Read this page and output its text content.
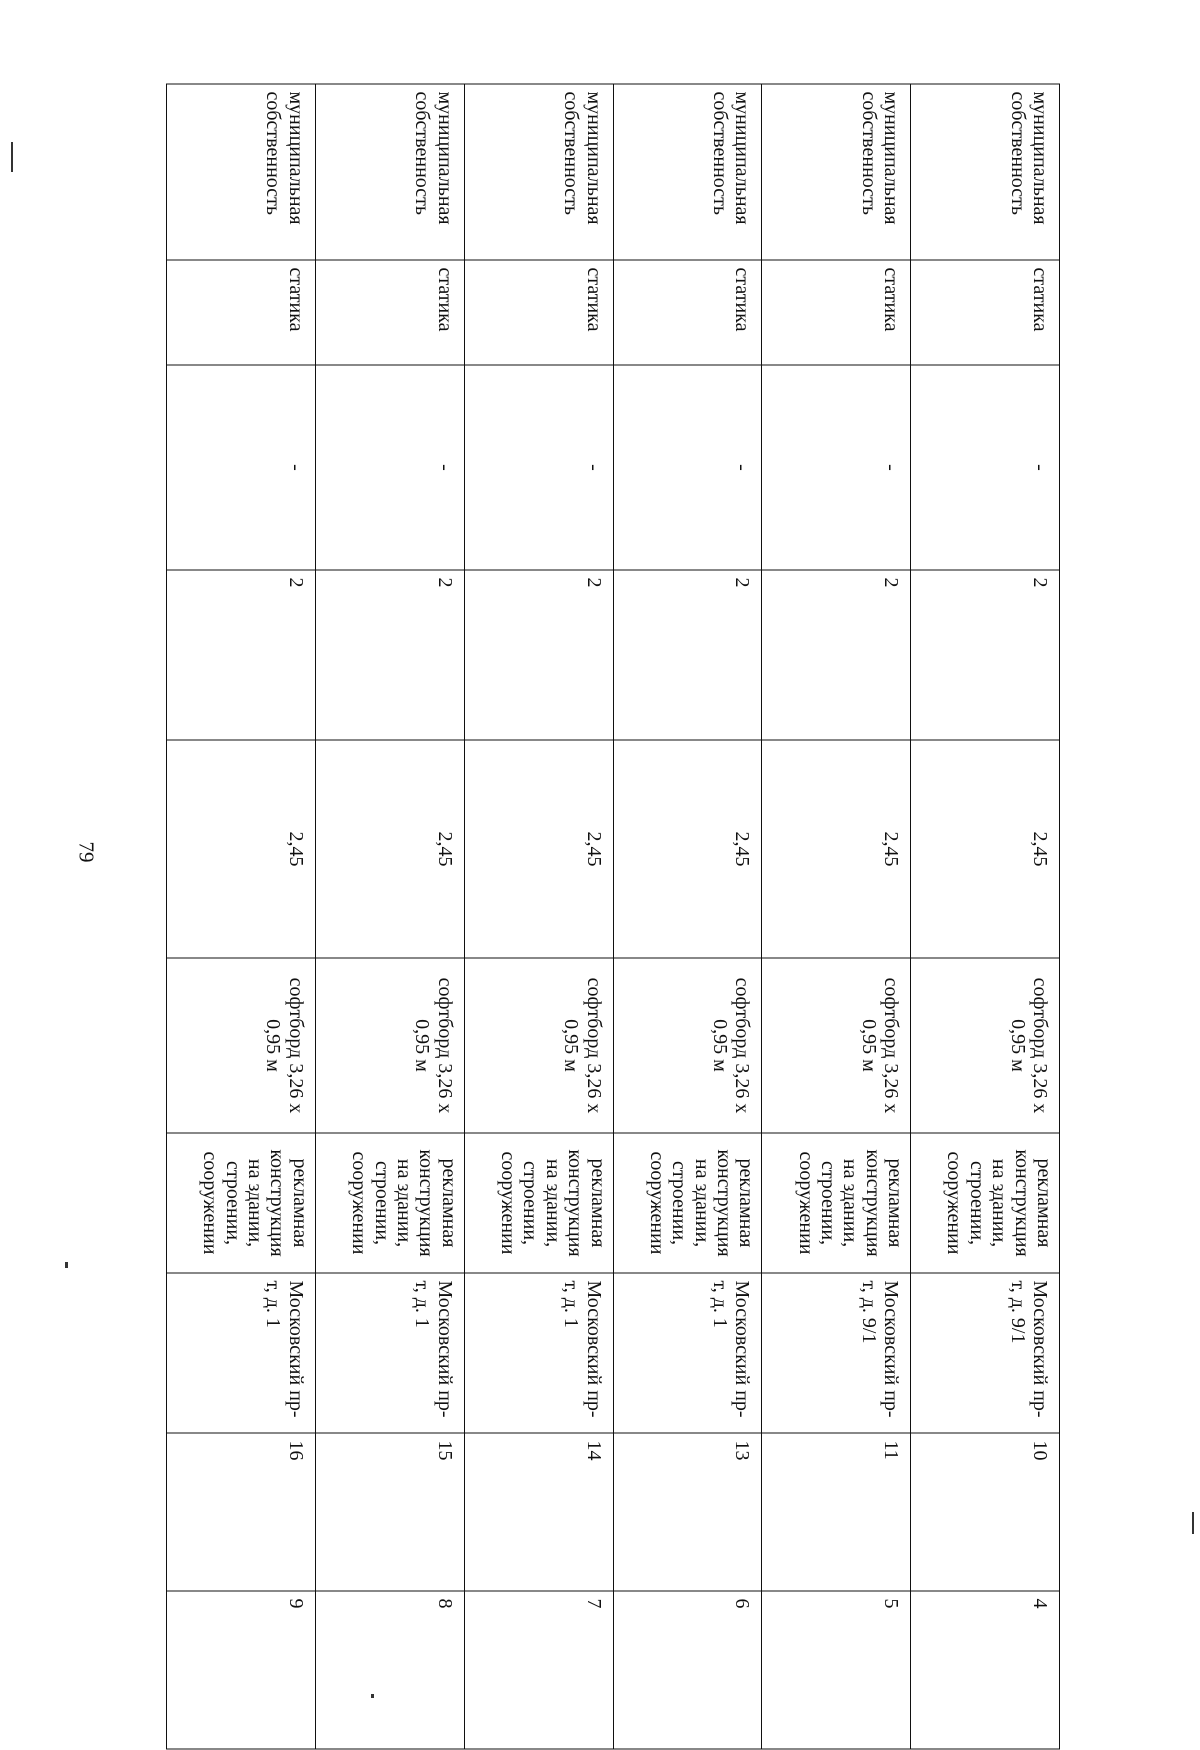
79
муниципальная собственность	статика	-	2	2,45	софтборд 3,26 х 0,95 м	рекламная конструкция на здании, строении, сооружении	Московский пр-т, д. 9/1	10	4
муниципальная собственность	статика	-	2	2,45	софтборд 3,26 х 0,95 м	рекламная конструкция на здании, строении, сооружении	Московский пр-т, д. 9/1	11	5
муниципальная собственность	статика	-	2	2,45	софтборд 3,26 х 0,95 м	рекламная конструкция на здании, строении, сооружении	Московский пр-т, д. 1	13	6
муниципальная собственность	статика	-	2	2,45	софтборд 3,26 х 0,95 м	рекламная конструкция на здании, строении, сооружении	Московский пр-т, д. 1	14	7
муниципальная собственность	статика	-	2	2,45	софтборд 3,26 х 0,95 м	рекламная конструкция на здании, строении, сооружении	Московский пр-т, д. 1	15	8
муниципальная собственность	статика	-	2	2,45	софтборд 3,26 х 0,95 м	рекламная конструкция на здании, строении, сооружении	Московский пр-т, д. 1	16	9
